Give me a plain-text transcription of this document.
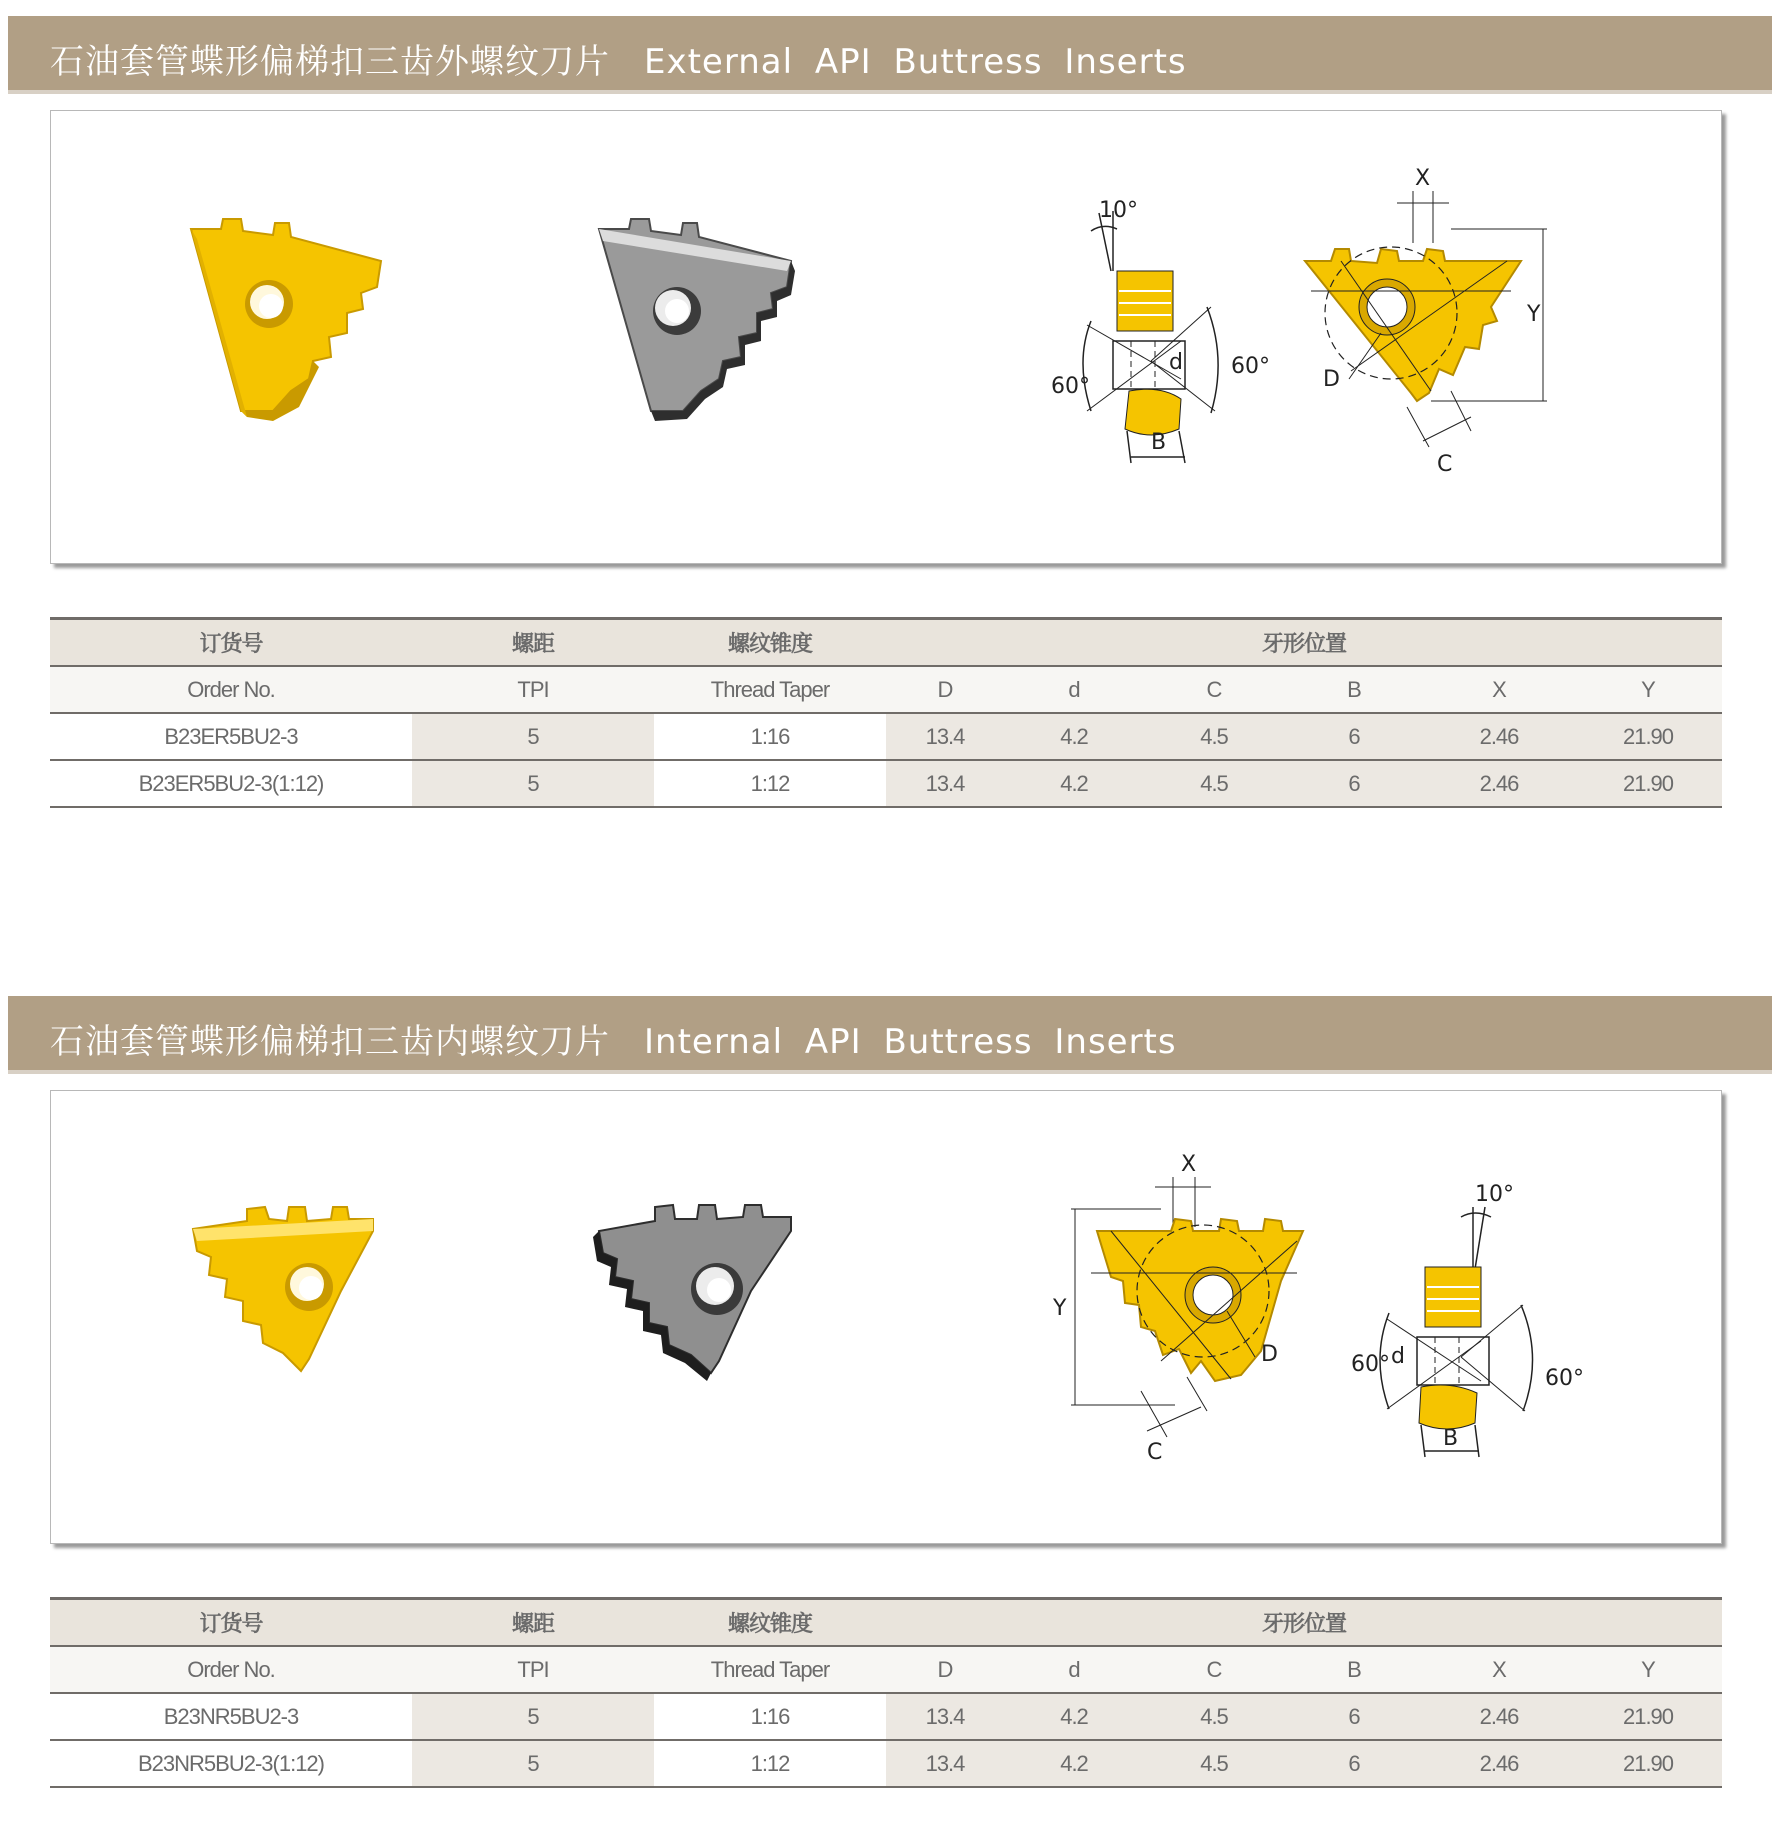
石油套管蝶形偏梯扣三齿外螺纹刀片 External API Buttress Inserts
10°
d
B
60°
60°
X
Y
D
C
订货号	螺距	螺纹锥度	牙形位置					
Order No.	TPI	Thread Taper	D	d	C	B	X	Y
B23ER5BU2-3	5	1:16	13.4	4.2	4.5	6	2.46	21.90
B23ER5BU2-3(1:12)	5	1:12	13.4	4.2	4.5	6	2.46	21.90
石油套管蝶形偏梯扣三齿内螺纹刀片 Internal API Buttress Inserts
X
Y
D
C
10°
d
B
60°
60°
订货号	螺距	螺纹锥度	牙形位置					
Order No.	TPI	Thread Taper	D	d	C	B	X	Y
B23NR5BU2-3	5	1:16	13.4	4.2	4.5	6	2.46	21.90
B23NR5BU2-3(1:12)	5	1:12	13.4	4.2	4.5	6	2.46	21.90
